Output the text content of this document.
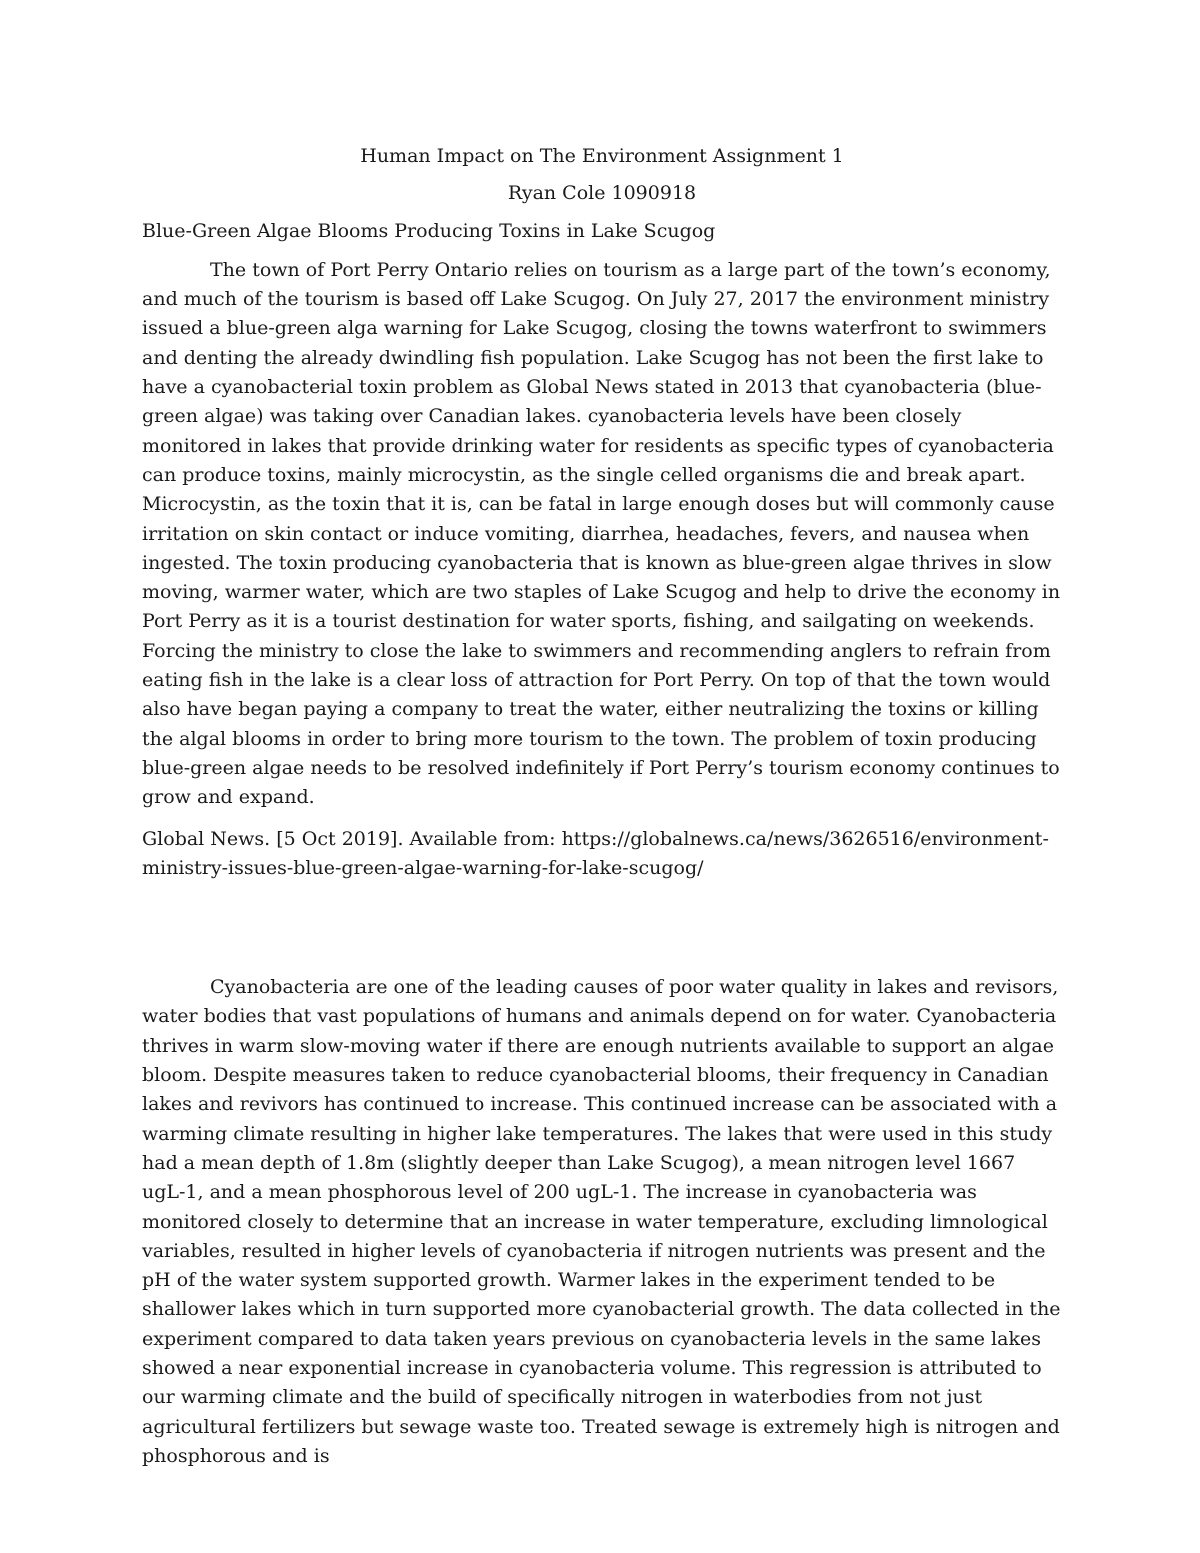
Human Impact on The Environment Assignment 1

Ryan Cole 1090918

Blue-Green Algae Blooms Producing Toxins in Lake Scugog

The town of Port Perry Ontario relies on tourism as a large part of the town’s economy, and much of the tourism is based off Lake Scugog. On July 27, 2017 the environment ministry issued a blue-green alga warning for Lake Scugog, closing the towns waterfront to swimmers and denting the already dwindling fish population. Lake Scugog has not been the first lake to have a cyanobacterial toxin problem as Global News stated in 2013 that cyanobacteria (blue-green algae) was taking over Canadian lakes. cyanobacteria levels have been closely monitored in lakes that provide drinking water for residents as specific types of cyanobacteria can produce toxins, mainly microcystin, as the single celled organisms die and break apart. Microcystin, as the toxin that it is, can be fatal in large enough doses but will commonly cause irritation on skin contact or induce vomiting, diarrhea, headaches, fevers, and nausea when ingested. The toxin producing cyanobacteria that is known as blue-green algae thrives in slow moving, warmer water, which are two staples of Lake Scugog and help to drive the economy in Port Perry as it is a tourist destination for water sports, fishing, and sailgating on weekends. Forcing the ministry to close the lake to swimmers and recommending anglers to refrain from eating fish in the lake is a clear loss of attraction for Port Perry. On top of that the town would also have began paying a company to treat the water, either neutralizing the toxins or killing the algal blooms in order to bring more tourism to the town. The problem of toxin producing blue-green algae needs to be resolved indefinitely if Port Perry’s tourism economy continues to grow and expand.

Global News. [5 Oct 2019]. Available from: https://globalnews.ca/news/3626516/environment-ministry-issues-blue-green-algae-warning-for-lake-scugog/

Cyanobacteria are one of the leading causes of poor water quality in lakes and revisors, water bodies that vast populations of humans and animals depend on for water. Cyanobacteria thrives in warm slow-moving water if there are enough nutrients available to support an algae bloom. Despite measures taken to reduce cyanobacterial blooms, their frequency in Canadian lakes and revivors has continued to increase. This continued increase can be associated with a warming climate resulting in higher lake temperatures. The lakes that were used in this study had a mean depth of 1.8m (slightly deeper than Lake Scugog), a mean nitrogen level 1667 ugL-1, and a mean phosphorous level of 200 ugL-1. The increase in cyanobacteria was monitored closely to determine that an increase in water temperature, excluding limnological variables, resulted in higher levels of cyanobacteria if nitrogen nutrients was present and the pH of the water system supported growth. Warmer lakes in the experiment tended to be shallower lakes which in turn supported more cyanobacterial growth. The data collected in the experiment compared to data taken years previous on cyanobacteria levels in the same lakes showed a near exponential increase in cyanobacteria volume. This regression is attributed to our warming climate and the build of specifically nitrogen in waterbodies from not just agricultural fertilizers but sewage waste too. Treated sewage is extremely high is nitrogen and phosphorous and is
